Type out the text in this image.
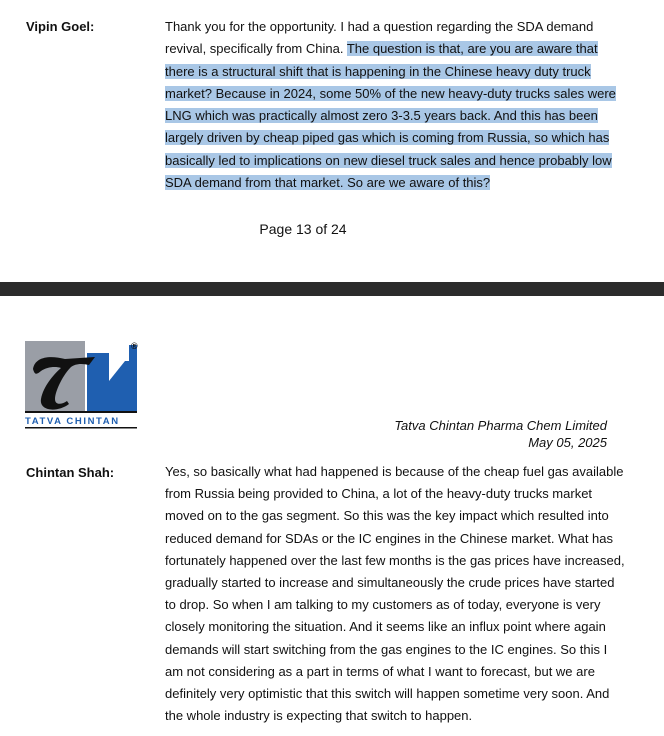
Vipin Goel:	Thank you for the opportunity. I had a question regarding the SDA demand
revival, specifically from China. The question is that, are you are aware that
there is a structural shift that is happening in the Chinese heavy duty truck
market? Because in 2024, some 50% of the new heavy-duty trucks sales were
LNG which was practically almost zero 3-3.5 years back. And this has been
largely driven by cheap piped gas which is coming from Russia, so which has
basically led to implications on new diesel truck sales and hence probably low
SDA demand from that market. So are we aware of this?
Page 13 of 24
TATVA CHINTAN
®
Tatva Chintan Pharma Chem Limited
May 05, 2025
Chintan Shah:	Yes, so basically what had happened is because of the cheap fuel gas available
from Russia being provided to China, a lot of the heavy-duty trucks market
moved on to the gas segment. So this was the key impact which resulted into
reduced demand for SDAs or the IC engines in the Chinese market. What has
fortunately happened over the last few months is the gas prices have increased,
gradually started to increase and simultaneously the crude prices have started
to drop. So when I am talking to my customers as of today, everyone is very
closely monitoring the situation. And it seems like an influx point where again
demands will start switching from the gas engines to the IC engines. So this I
am not considering as a part in terms of what I want to forecast, but we are
definitely very optimistic that this switch will happen sometime very soon. And
the whole industry is expecting that switch to happen.
